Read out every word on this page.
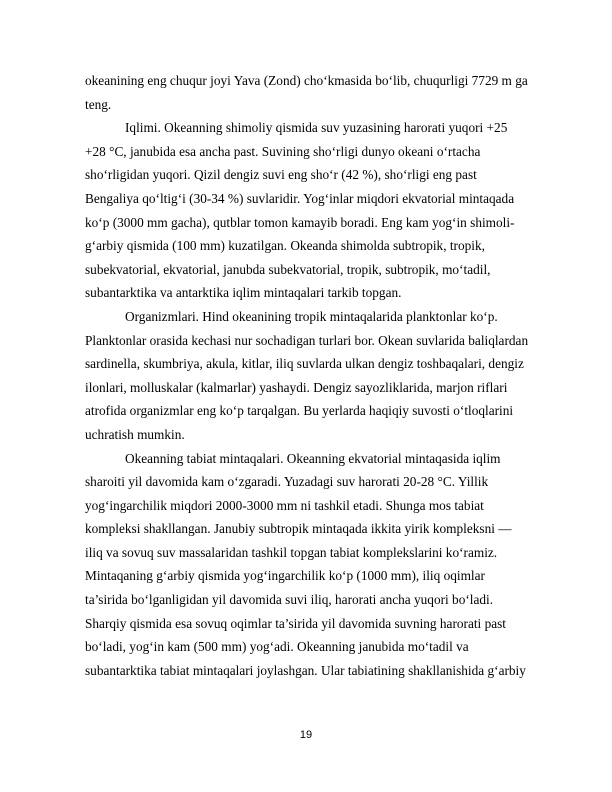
okeanining eng chuqur joyi Yava (Zond) cho‘kmasida bo‘lib, chuqurligi 7729 m ga
teng.
Iqlimi. Okeanning shimoliy qismida suv yuzasining harorati yuqori +25
+28 °C, janubida esa ancha past. Suvining sho‘rligi dunyo okeani o‘rtacha
sho‘rligidan yuqori. Qizil dengiz suvi eng sho‘r (42 %), sho‘rligi eng past
Bengaliya qo‘ltig‘i (30-34 %) suvlaridir. Yog‘inlar miqdori ekvatorial mintaqada
ko‘p (3000 mm gacha), qutblar tomon kamayib boradi. Eng kam yog‘in shimoli-
g‘arbiy qismida (100 mm) kuzatilgan. Okeanda shimolda subtropik, tropik,
subekvatorial, ekvatorial, janubda subekvatorial, tropik, subtropik, mo‘tadil,
subantarktika va antarktika iqlim mintaqalari tarkib topgan.
Organizmlari. Hind okeanining tropik mintaqalarida planktonlar ko‘p.
Planktonlar orasida kechasi nur sochadigan turlari bor. Okean suvlarida baliqlardan
sardinella, skumbriya, akula, kitlar, iliq suvlarda ulkan dengiz toshbaqalari, dengiz
ilonlari, molluskalar (kalmarlar) yashaydi. Dengiz sayozliklarida, marjon riflari
atrofida organizmlar eng ko‘p tarqalgan. Bu yerlarda haqiqiy suvosti o‘tloqlarini
uchratish mumkin.
Okeanning tabiat mintaqalari. Okeanning ekvatorial mintaqasida iqlim
sharoiti yil davomida kam o‘zgaradi. Yuzadagi suv harorati 20-28 °C. Yillik
yog‘ingarchilik miqdori 2000-3000 mm ni tashkil etadi. Shunga mos tabiat
kompleksi shakllangan. Janubiy subtropik mintaqada ikkita yirik kompleksni —
iliq va sovuq suv massalaridan tashkil topgan tabiat komplekslarini ko‘ramiz.
Mintaqaning g‘arbiy qismida yog‘ingarchilik ko‘p (1000 mm), iliq oqimlar
ta’sirida bo‘lganligidan yil davomida suvi iliq, harorati ancha yuqori bo‘ladi.
Sharqiy qismida esa sovuq oqimlar ta’sirida yil davomida suvning harorati past
bo‘ladi, yog‘in kam (500 mm) yog‘adi. Okeanning janubida mo‘tadil va
subantarktika tabiat mintaqalari joylashgan. Ular tabiatining shakllanishida g‘arbiy
19
